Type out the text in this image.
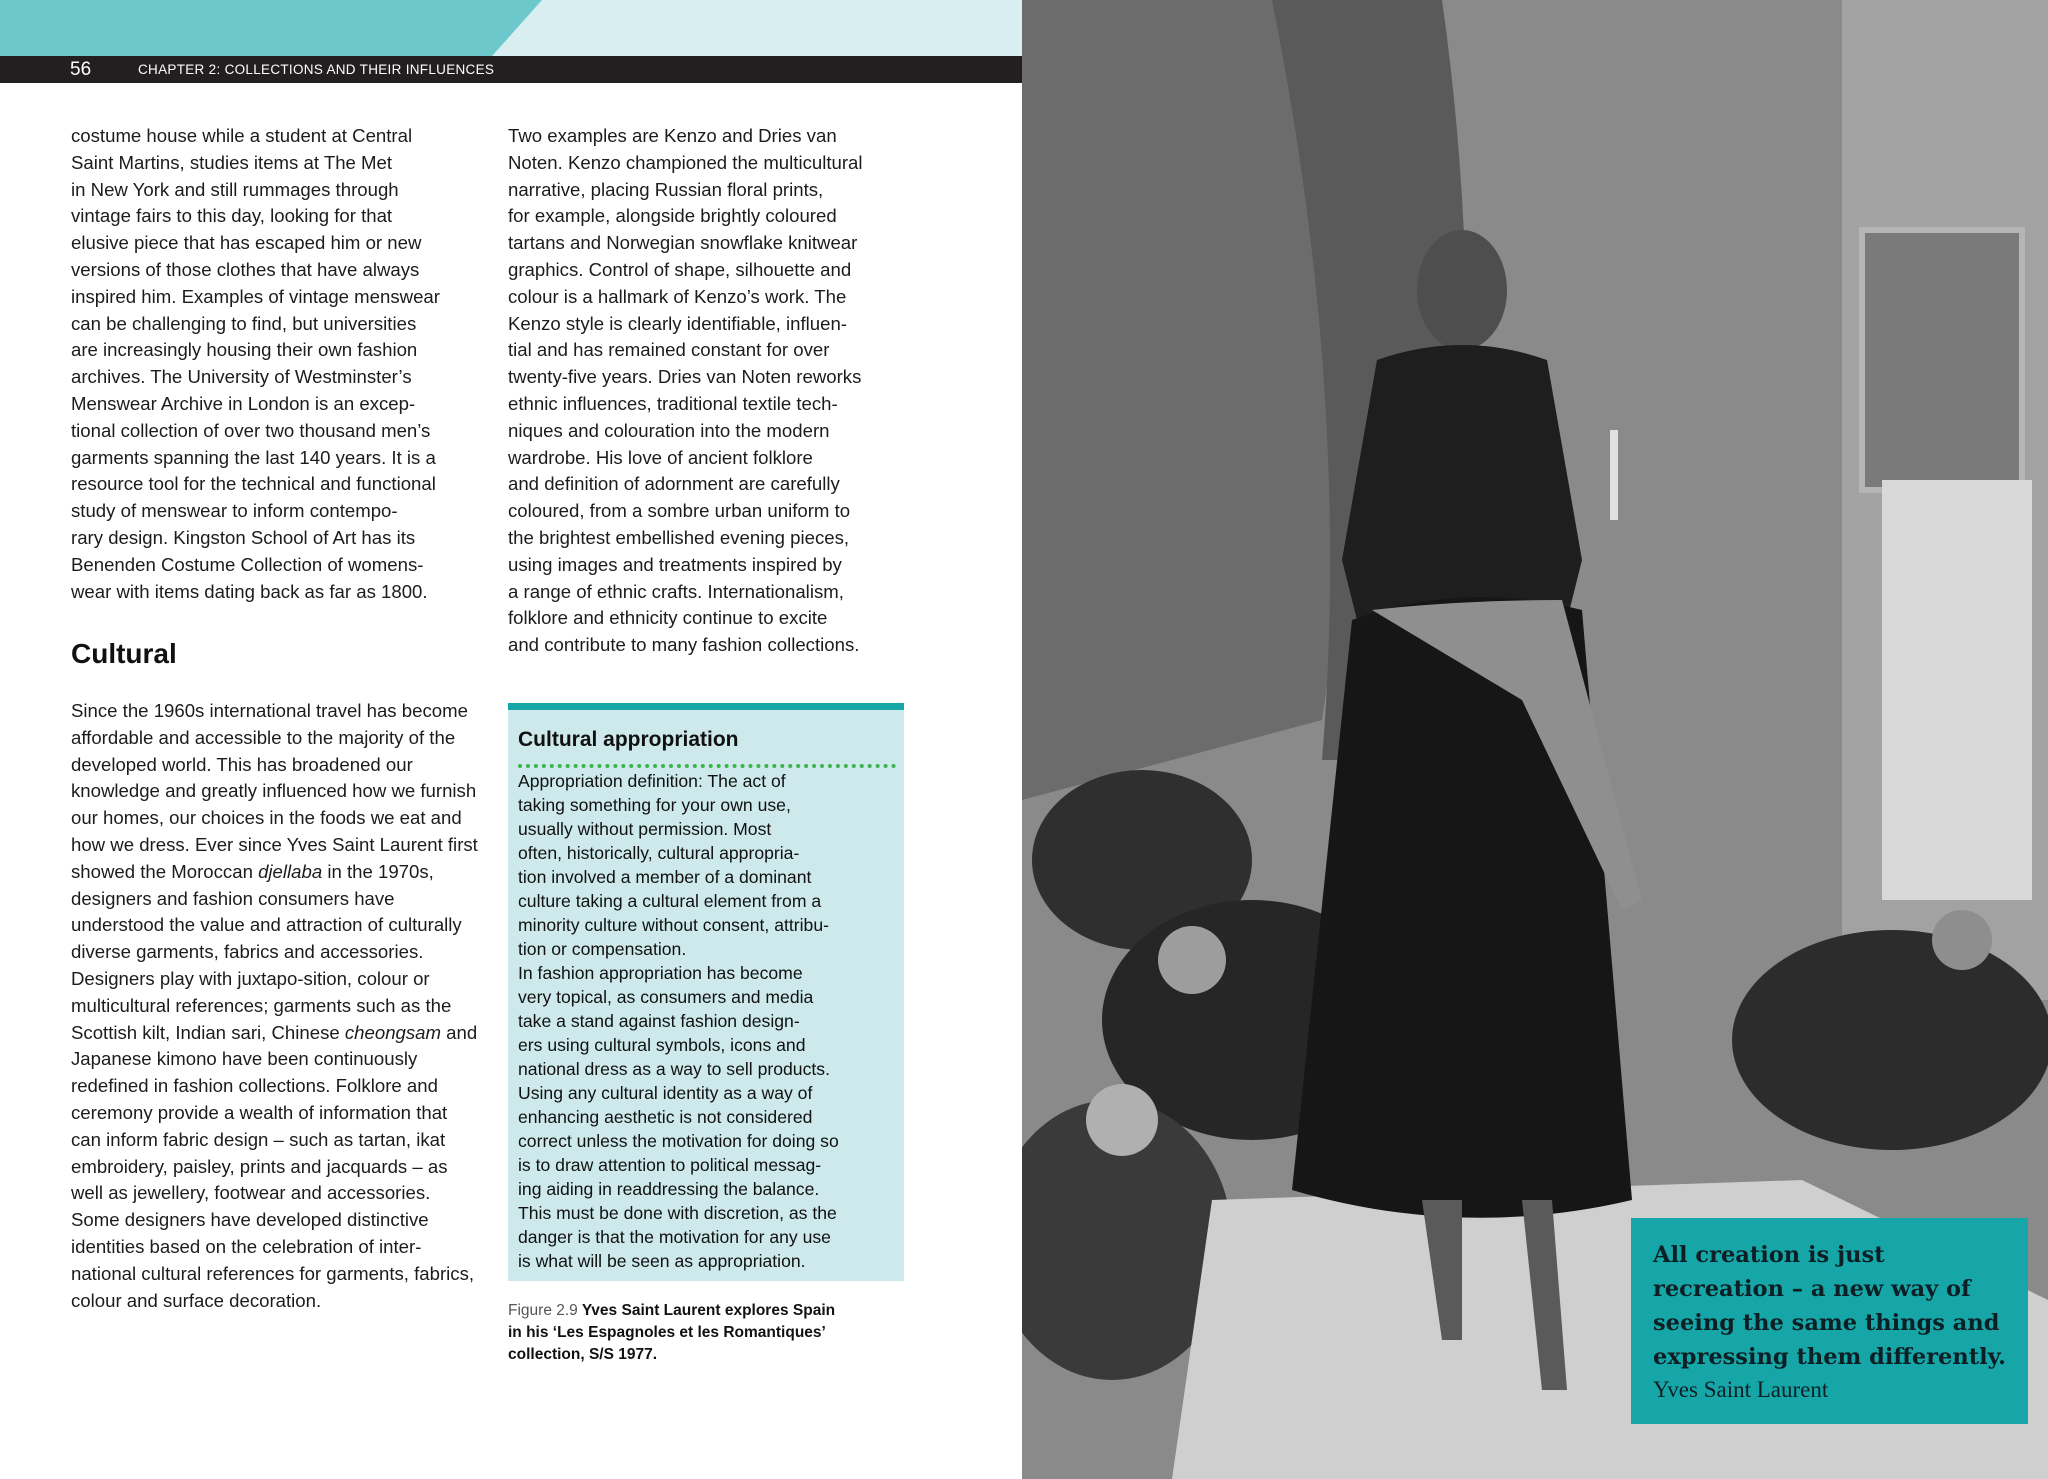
56	CHAPTER 2: COLLECTIONS AND THEIR INFLUENCES

costume house while a student at Central
Saint Martins, studies items at The Met
in New York and still rummages through
vintage fairs to this day, looking for that
elusive piece that has escaped him or new
versions of those clothes that have always
inspired him. Examples of vintage menswear
can be challenging to find, but universities
are increasingly housing their own fashion
archives. The University of Westminster’s
Menswear Archive in London is an excep-
tional collection of over two thousand men’s
garments spanning the last 140 years. It is a
resource tool for the technical and functional
study of menswear to inform contempo-
rary design. Kingston School of Art has its
Benenden Costume Collection of womens-
wear with items dating back as far as 1800.

Cultural

Since the 1960s international travel has become affordable and accessible to the majority of the developed world. This has broadened our knowledge and greatly influenced how we furnish our homes, our choices in the foods we eat and how we dress. Ever since Yves Saint Laurent first showed the Moroccan djellaba in the 1970s, designers and fashion consumers have understood the value and attraction of culturally diverse garments, fabrics and accessories. Designers play with juxtapo-sition, colour or multicultural references; garments such as the Scottish kilt, Indian sari, Chinese cheongsam and Japanese kimono have been continuously redefined in fashion collections. Folklore and ceremony provide a wealth of information that can inform fabric design – such as tartan, ikat embroidery, paisley, prints and jacquards – as well as jewellery, footwear and accessories. Some designers have developed distinctive identities based on the celebration of inter-national cultural references for garments, fabrics, colour and surface decoration.

Two examples are Kenzo and Dries van
Noten. Kenzo championed the multicultural
narrative, placing Russian floral prints,
for example, alongside brightly coloured
tartans and Norwegian snowflake knitwear
graphics. Control of shape, silhouette and
colour is a hallmark of Kenzo’s work. The
Kenzo style is clearly identifiable, influen-
tial and has remained constant for over
twenty-five years. Dries van Noten reworks
ethnic influences, traditional textile tech-
niques and colouration into the modern
wardrobe. His love of ancient folklore
and definition of adornment are carefully
coloured, from a sombre urban uniform to
the brightest embellished evening pieces,
using images and treatments inspired by
a range of ethnic crafts. Internationalism,
folklore and ethnicity continue to excite
and contribute to many fashion collections.

Cultural appropriation

Appropriation definition: The act of
taking something for your own use,
usually without permission. Most
often, historically, cultural appropria-
tion involved a member of a dominant
culture taking a cultural element from a
minority culture without consent, attribu-
tion or compensation.

In fashion appropriation has become
very topical, as consumers and media
take a stand against fashion design-
ers using cultural symbols, icons and
national dress as a way to sell products.
Using any cultural identity as a way of
enhancing aesthetic is not considered
correct unless the motivation for doing so
is to draw attention to political messag-
ing aiding in readdressing the balance.
This must be done with discretion, as the
danger is that the motivation for any use
is what will be seen as appropriation.

Figure 2.9 Yves Saint Laurent explores Spain
in his ‘Les Espagnoles et les Romantiques’
collection, S/S 1977.
All creation is just recreation – a new way of seeing the same things and expressing them differently.
Yves Saint Laurent
